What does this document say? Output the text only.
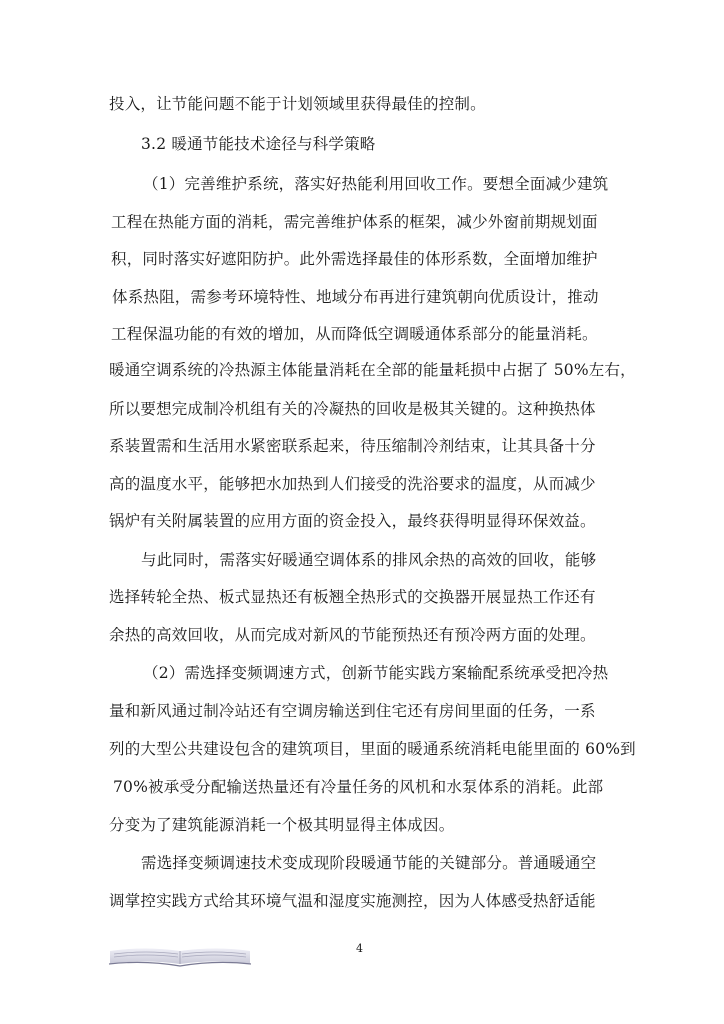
投入，让节能问题不能于计划领域里获得最佳的控制。
3.2 暖通节能技术途径与科学策略
（1）完善维护系统，落实好热能利用回收工作。要想全面减少建筑
工程在热能方面的消耗，需完善维护体系的框架，减少外窗前期规划面
积，同时落实好遮阳防护。此外需选择最佳的体形系数，全面增加维护
体系热阻，需参考环境特性、地域分布再进行建筑朝向优质设计，推动
工程保温功能的有效的增加，从而降低空调暖通体系部分的能量消耗。
暖通空调系统的冷热源主体能量消耗在全部的能量耗损中占据了 50%左右，
所以要想完成制冷机组有关的冷凝热的回收是极其关键的。这种换热体
系装置需和生活用水紧密联系起来，待压缩制冷剂结束，让其具备十分
高的温度水平，能够把水加热到人们接受的洗浴要求的温度，从而减少
锅炉有关附属装置的应用方面的资金投入，最终获得明显得环保效益。
与此同时，需落实好暖通空调体系的排风余热的高效的回收，能够
选择转轮全热、板式显热还有板翘全热形式的交换器开展显热工作还有
余热的高效回收，从而完成对新风的节能预热还有预冷两方面的处理。
（2）需选择变频调速方式，创新节能实践方案输配系统承受把冷热
量和新风通过制冷站还有空调房输送到住宅还有房间里面的任务，一系
列的大型公共建设包含的建筑项目，里面的暖通系统消耗电能里面的 60%到
70%被承受分配输送热量还有冷量任务的风机和水泵体系的消耗。此部
分变为了建筑能源消耗一个极其明显得主体成因。
需选择变频调速技术变成现阶段暖通节能的关键部分。普通暖通空
调掌控实践方式给其环境气温和湿度实施测控，因为人体感受热舒适能
4
